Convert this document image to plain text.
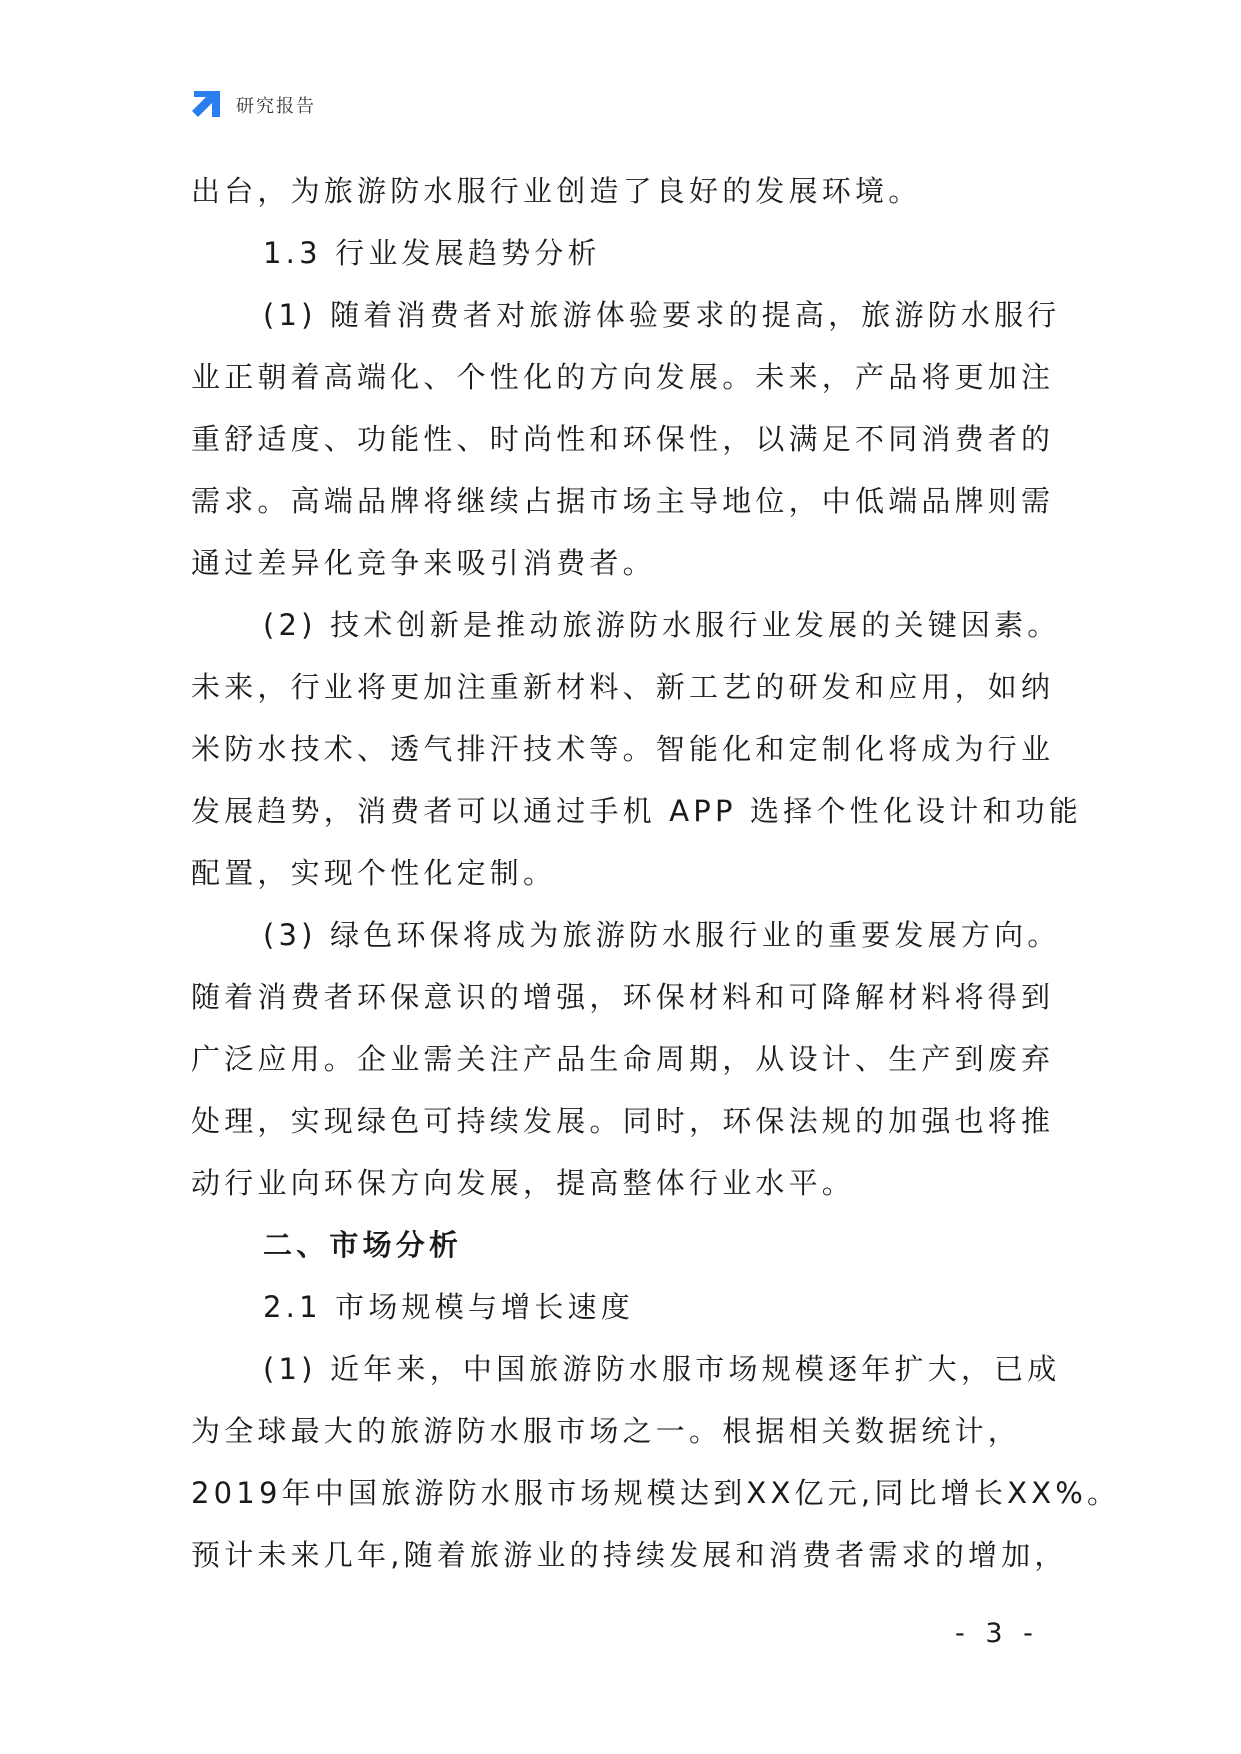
研究报告
出台，为旅游防水服行业创造了良好的发展环境。
1.3 行业发展趋势分析
(1) 随着消费者对旅游体验要求的提高，旅游防水服行
业正朝着高端化、个性化的方向发展。未来，产品将更加注
重舒适度、功能性、时尚性和环保性，以满足不同消费者的
需求。高端品牌将继续占据市场主导地位，中低端品牌则需
通过差异化竞争来吸引消费者。
(2) 技术创新是推动旅游防水服行业发展的关键因素。
未来，行业将更加注重新材料、新工艺的研发和应用，如纳
米防水技术、透气排汗技术等。智能化和定制化将成为行业
发展趋势，消费者可以通过手机 APP 选择个性化设计和功能
配置，实现个性化定制。
(3) 绿色环保将成为旅游防水服行业的重要发展方向。
随着消费者环保意识的增强，环保材料和可降解材料将得到
广泛应用。企业需关注产品生命周期，从设计、生产到废弃
处理，实现绿色可持续发展。同时，环保法规的加强也将推
动行业向环保方向发展，提高整体行业水平。
二、市场分析
2.1 市场规模与增长速度
(1) 近年来，中国旅游防水服市场规模逐年扩大，已成
为全球最大的旅游防水服市场之一。根据相关数据统计，
2019年中国旅游防水服市场规模达到XX亿元,同比增长XX%。
预计未来几年,随着旅游业的持续发展和消费者需求的增加，
- 3 -
